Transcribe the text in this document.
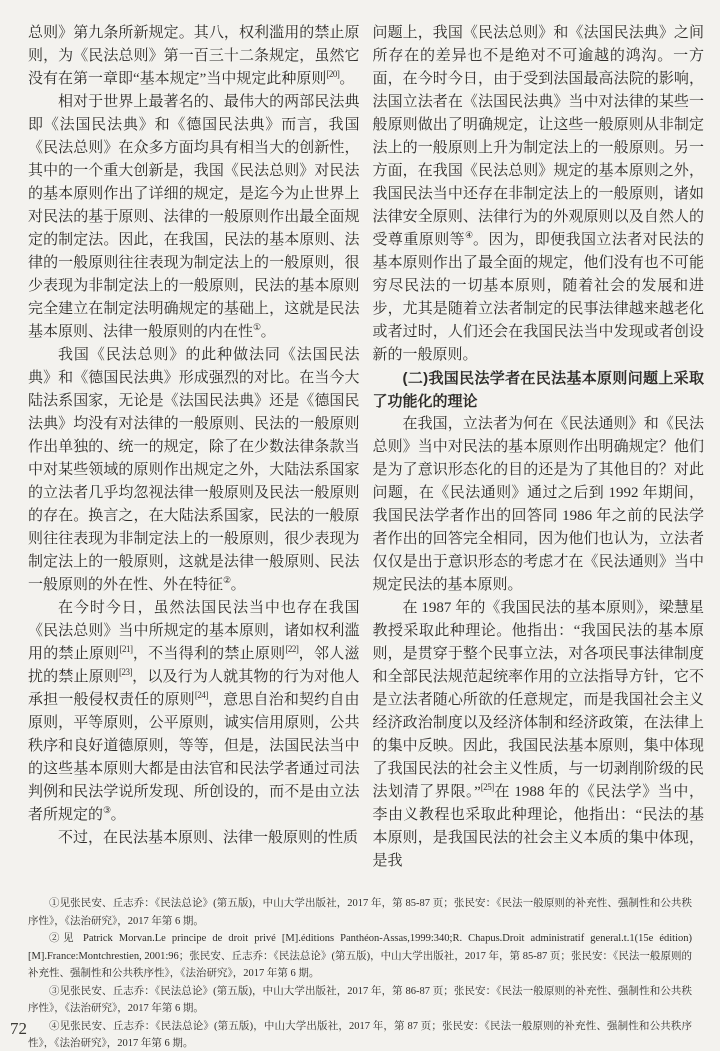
总则》第九条所新规定。其八，权利滥用的禁止原则，为《民法总则》第一百三十二条规定，虽然它没有在第一章即“基本规定”当中规定此种原则[20]。

相对于世界上最著名的、最伟大的两部民法典即《法国民法典》和《德国民法典》而言，我国《民法总则》在众多方面均具有相当大的创新性，其中的一个重大创新是，我国《民法总则》对民法的基本原则作出了详细的规定，是迄今为止世界上对民法的基于原则、法律的一般原则作出最全面规定的制定法。因此，在我国，民法的基本原则、法律的一般原则往往表现为制定法上的一般原则，很少表现为非制定法上的一般原则，民法的基本原则完全建立在制定法明确规定的基础上，这就是民法基本原则、法律一般原则的内在性①。

我国《民法总则》的此种做法同《法国民法典》和《德国民法典》形成强烈的对比。在当今大陆法系国家，无论是《法国民法典》还是《德国民法典》均没有对法律的一般原则、民法的一般原则作出单独的、统一的规定，除了在少数法律条款当中对某些领域的原则作出规定之外，大陆法系国家的立法者几乎均忽视法律一般原则及民法一般原则的存在。换言之，在大陆法系国家，民法的一般原则往往表现为非制定法上的一般原则，很少表现为制定法上的一般原则，这就是法律一般原则、民法一般原则的外在性、外在特征②。

在今时今日，虽然法国民法当中也存在我国《民法总则》当中所规定的基本原则，诸如权利滥用的禁止原则[21]，不当得利的禁止原则[22]，邻人滋扰的禁止原则[23]，以及行为人就其物的行为对他人承担一般侵权责任的原则[24]，意思自治和契约自由原则，平等原则，公平原则，诚实信用原则，公共秩序和良好道德原则，等等，但是，法国民法当中的这些基本原则大都是由法官和民法学者通过司法判例和民法学说所发现、所创设的，而不是由立法者所规定的③。

不过，在民法基本原则、法律一般原则的性质

问题上，我国《民法总则》和《法国民法典》之间所存在的差异也不是绝对不可逾越的鸿沟。一方面，在今时今日，由于受到法国最高法院的影响，法国立法者在《法国民法典》当中对法律的某些一般原则做出了明确规定，让这些一般原则从非制定法上的一般原则上升为制定法上的一般原则。另一方面，在我国《民法总则》规定的基本原则之外，我国民法当中还存在非制定法上的一般原则，诸如法律安全原则、法律行为的外观原则以及自然人的受尊重原则等④。因为，即便我国立法者对民法的基本原则作出了最全面的规定，他们没有也不可能穷尽民法的一切基本原则，随着社会的发展和进步，尤其是随着立法者制定的民事法律越来越老化或者过时，人们还会在我国民法当中发现或者创设新的一般原则。

(二)我国民法学者在民法基本原则问题上采取了功能化的理论

在我国，立法者为何在《民法通则》和《民法总则》当中对民法的基本原则作出明确规定？他们是为了意识形态化的目的还是为了其他目的？对此问题，在《民法通则》通过之后到 1992 年期间，我国民法学者作出的回答同 1986 年之前的民法学者作出的回答完全相同，因为他们也认为，立法者仅仅是出于意识形态的考虑才在《民法通则》当中规定民法的基本原则。

在 1987 年的《我国民法的基本原则》，梁慧星教授采取此种理论。他指出：“我国民法的基本原则，是贯穿于整个民事立法，对各项民事法律制度和全部民法规范起统率作用的立法指导方针，它不是立法者随心所欲的任意规定，而是我国社会主义经济政治制度以及经济体制和经济政策，在法律上的集中反映。因此，我国民法基本原则，集中体现了我国民法的社会主义性质，与一切剥削阶级的民法划清了界限。”[25]在 1988 年的《民法学》当中，李由义教程也采取此种理论，他指出：“民法的基本原则，是我国民法的社会主义本质的集中体现，是我

①见张民安、丘志乔：《民法总论》(第五版)，中山大学出版社，2017 年，第 85-87 页；张民安：《民法一般原则的补充性、强制性和公共秩序性》，《法治研究》，2017 年第 6 期。

②见 Patrick Morvan.Le principe de droit privé [M].éditions Panthéon-Assas,1999:340;R. Chapus.Droit administratif general.t.1(15e édition)[M].France:Montchrestien, 2001:96；张民安、丘志乔：《民法总论》(第五版)，中山大学出版社，2017 年，第 85-87 页；张民安：《民法一般原则的补充性、强制性和公共秩序性》，《法治研究》，2017 年第 6 期。

③见张民安、丘志乔：《民法总论》(第五版)，中山大学出版社，2017 年，第 86-87 页；张民安：《民法一般原则的补充性、强制性和公共秩序性》，《法治研究》，2017 年第 6 期。

④见张民安、丘志乔：《民法总论》(第五版)，中山大学出版社，2017 年，第 87 页；张民安：《民法一般原则的补充性、强制性和公共秩序性》，《法治研究》，2017 年第 6 期。

72
